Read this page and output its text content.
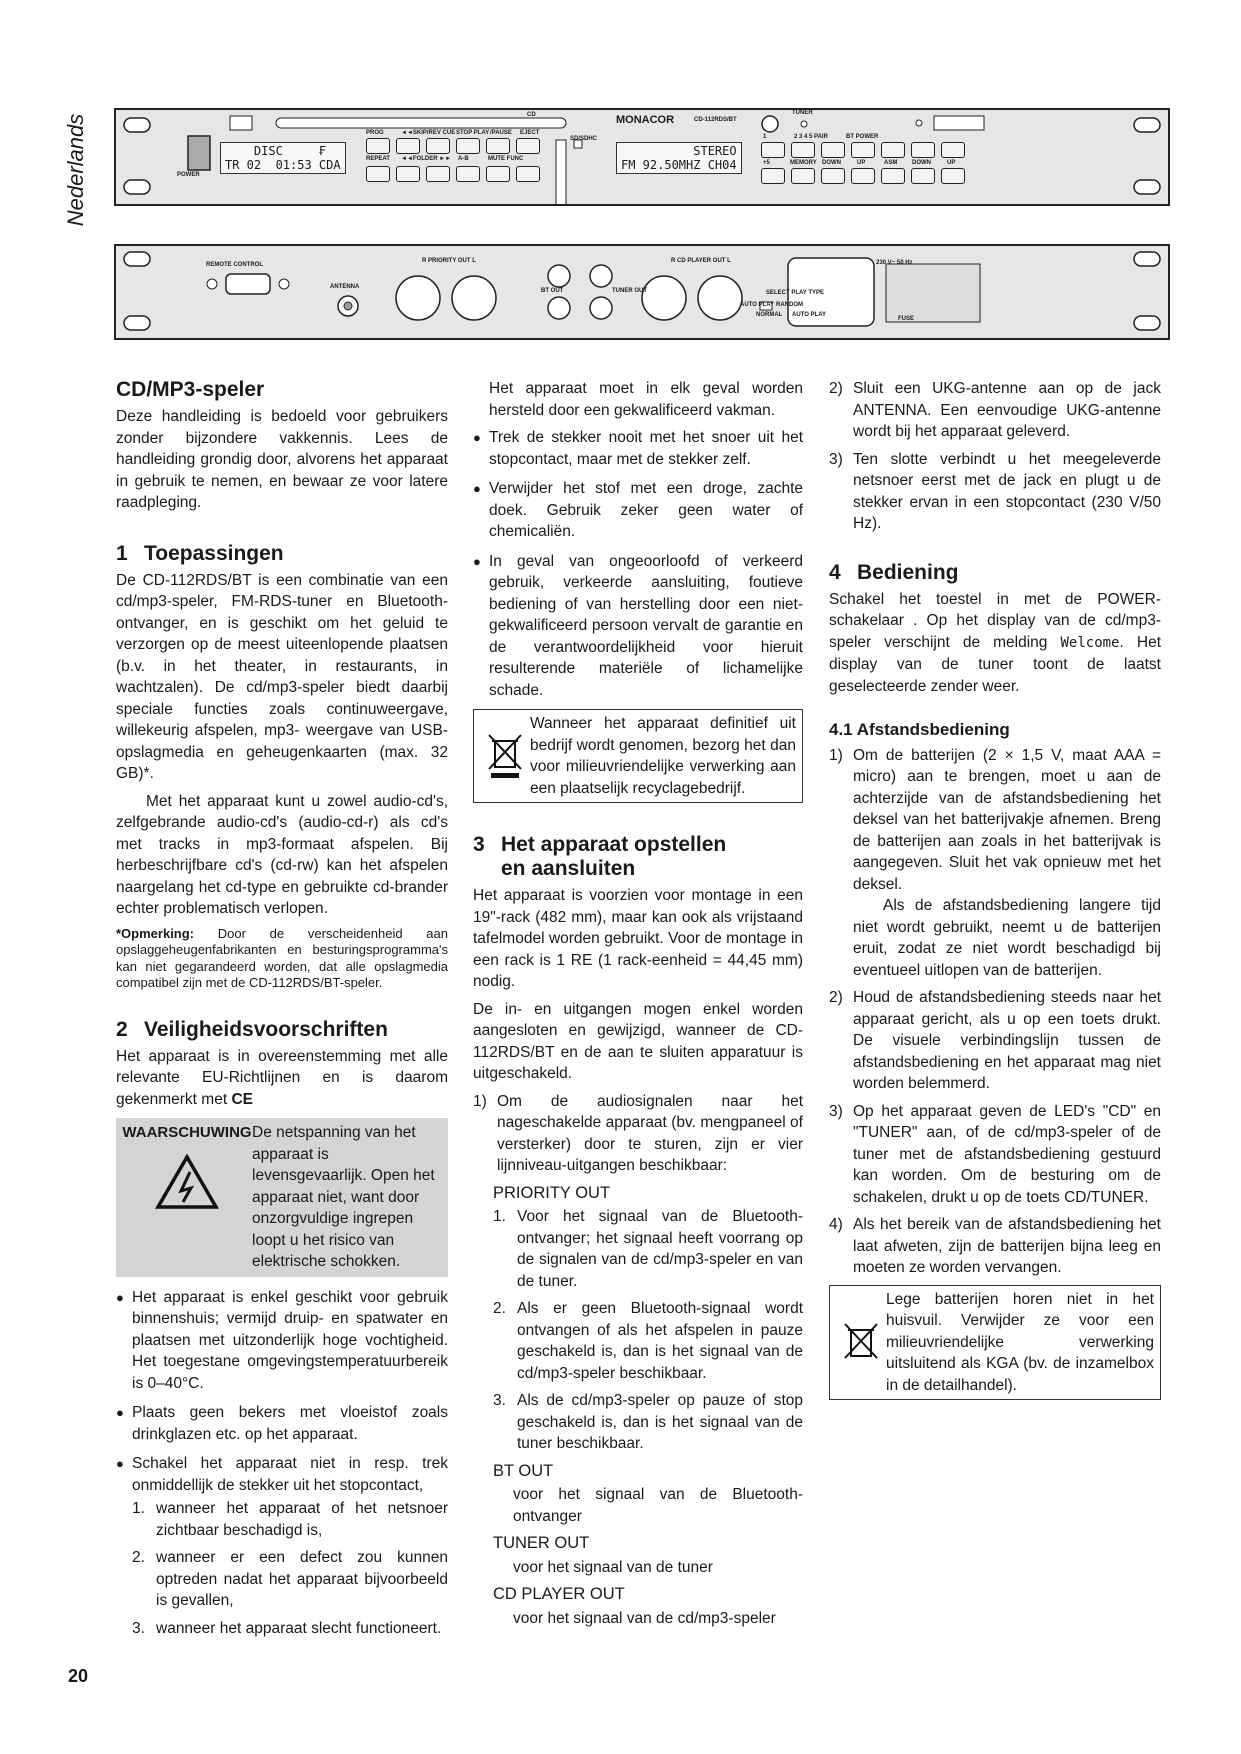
Nederlands	POWER
DISC     ₣
TR 02  01:53 CDA
PROG	◄◄SKIP/REV CUE STOP PLAY /PAUSE EJECT
REPEAT ◄◄FOLDER ►► A-B	MUTE FUNC
CD
SD/SDHC
MONACOR	CD-112RDS/BT
STEREO
FM 92.50MHZ CH04
TUNER
1	2 3 4 5 PAIR	BT POWER
+5	MEMORY DOWN	UP	ASM DOWN	UP
REMOTE CONTROL
ANTENNA
R PRIORITY OUT L
BT OUT	TUNER OUT
R CD PLAYER OUT L
SELECT PLAY TYPE
AUTO PLAY RANDOM
NORMAL AUTO PLAY
230 V~ 50 Hz
FUSE
CD/MP3-speler

Deze handleiding is bedoeld voor gebruikers zonder bijzondere vakkennis. Lees de handleiding grondig door, alvorens het apparaat in gebruik te nemen, en bewaar ze voor latere raadpleging.

1 Toepassingen

De CD-112RDS/BT is een combinatie van een cd/mp3-speler, FM-RDS-tuner en Bluetooth-ontvanger, en is geschikt om het geluid te verzorgen op de meest uiteenlopende plaatsen (b.v. in het theater, in restaurants, in wachtzalen). De cd/mp3-speler biedt daarbij speciale functies zoals continuweergave, willekeurig afspelen, mp3- weergave van USB-opslagmedia en geheugenkaarten (max. 32 GB)*.

Met het apparaat kunt u zowel audio-cd's, zelfgebrande audio-cd's (audio-cd-r) als cd's met tracks in mp3-formaat afspelen. Bij herbeschrijfbare cd's (cd-rw) kan het afspelen naargelang het cd-type en gebruikte cd-brander echter problematisch verlopen.

*Opmerking: Door de verscheidenheid aan opslaggeheugenfabrikanten en besturingsprogramma's kan niet gegarandeerd worden, dat alle opslagmedia compatibel zijn met de CD-112RDS/BT-speler.

2 Veiligheidsvoorschriften

Het apparaat is in overeenstemming met alle relevante EU-Richtlijnen en is daarom gekenmerkt met CE

WAARSCHUWING De netspanning van het apparaat is levensgevaarlijk. Open het apparaat niet, want door onzorgvuldige ingrepen loopt u het risico van elektrische schokken.
● Het apparaat is enkel geschikt voor gebruik binnenshuis; vermijd druip- en spatwater en plaatsen met uitzonderlijk hoge vochtigheid. Het toegestane omgevingstemperatuurbereik is 0–40°C.
● Plaats geen bekers met vloeistof zoals drinkglazen etc. op het apparaat.
● Schakel het apparaat niet in resp. trek onmiddellijk de stekker uit het stopcontact,
1. wanneer het apparaat of het netsnoer zichtbaar beschadigd is,
2. wanneer er een defect zou kunnen optreden nadat het apparaat bijvoorbeeld is gevallen,
3. wanneer het apparaat slecht functioneert.

Het apparaat moet in elk geval worden hersteld door een gekwalificeerd vakman.

● Trek de stekker nooit met het snoer uit het stopcontact, maar met de stekker zelf.
● Verwijder het stof met een droge, zachte doek. Gebruik zeker geen water of chemicaliën.
● In geval van ongeoorloofd of verkeerd gebruik, verkeerde aansluiting, foutieve bediening of van herstelling door een niet-gekwalificeerd persoon vervalt de garantie en de verantwoordelijkheid voor hieruit resulterende materiële of lichamelijke schade.
Wanneer het apparaat definitief uit bedrijf wordt genomen, bezorg het dan voor milieuvriendelijke verwerking aan een plaatselijk recyclagebedrijf.
3 Het apparaat opstellen
en aansluiten

Het apparaat is voorzien voor montage in een 19"-rack (482 mm), maar kan ook als vrijstaand tafelmodel worden gebruikt. Voor de montage in een rack is 1 RE (1 rack-eenheid = 44,45 mm) nodig.

De in- en uitgangen mogen enkel worden aangesloten en gewijzigd, wanneer de CD-112RDS/BT en de aan te sluiten apparatuur is uitgeschakeld.

1) Om de audiosignalen naar het nageschakelde apparaat (bv. mengpaneel of versterker) door te sturen, zijn er vier lijnniveau-uitgangen beschikbaar:
PRIORITY OUT
1. Voor het signaal van de Bluetooth-ontvanger; het signaal heeft voorrang op de signalen van de cd/mp3-speler en van de tuner.
2. Als er geen Bluetooth-signaal wordt ontvangen of als het afspelen in pauze geschakeld is, dan is het signaal van de cd/mp3-speler beschikbaar.
3. Als de cd/mp3-speler op pauze of stop geschakeld is, dan is het signaal van de tuner beschikbaar.
BT OUT

voor het signaal van de Bluetooth-ontvanger

TUNER OUT

voor het signaal van de tuner

CD PLAYER OUT

voor het signaal van de cd/mp3-speler

2) Sluit een UKG-antenne aan op de jack ANTENNA. Een eenvoudige UKG-antenne wordt bij het apparaat geleverd.
3) Ten slotte verbindt u het meegeleverde netsnoer eerst met de jack en plugt u de stekker ervan in een stopcontact (230 V/50 Hz).
4 Bediening

Schakel het toestel in met de POWER-schakelaar . Op het display van de cd/mp3-speler verschijnt de melding Welcome. Het display van de tuner toont de laatst geselecteerde zender weer.

4.1 Afstandsbediening
1) Om de batterijen (2 × 1,5 V, maat AAA = micro) aan te brengen, moet u aan de achterzijde van de afstandsbediening het deksel van het batterijvakje afnemen. Breng de batterijen aan zoals in het batterijvak is aangegeven. Sluit het vak opnieuw met het deksel.
Als de afstandsbediening langere tijd niet wordt gebruikt, neemt u de batterijen eruit, zodat ze niet wordt beschadigd bij eventueel uitlopen van de batterijen.
2) Houd de afstandsbediening steeds naar het apparaat gericht, als u op een toets drukt. De visuele verbindingslijn tussen de afstandsbediening en het apparaat mag niet worden belemmerd.
3) Op het apparaat geven de LED's "CD" en "TUNER" aan, of de cd/mp3-speler of de tuner met de afstandsbediening gestuurd kan worden. Om de besturing om de schakelen, drukt u op de toets CD/TUNER.
4) Als het bereik van de afstandsbediening het laat afweten, zijn de batterijen bijna leeg en moeten ze worden vervangen.
Lege batterijen horen niet in het huisvuil. Verwijder ze voor een milieuvriendelijke verwerking uitsluitend als KGA (bv. de inzamelbox in de detailhandel).
20
